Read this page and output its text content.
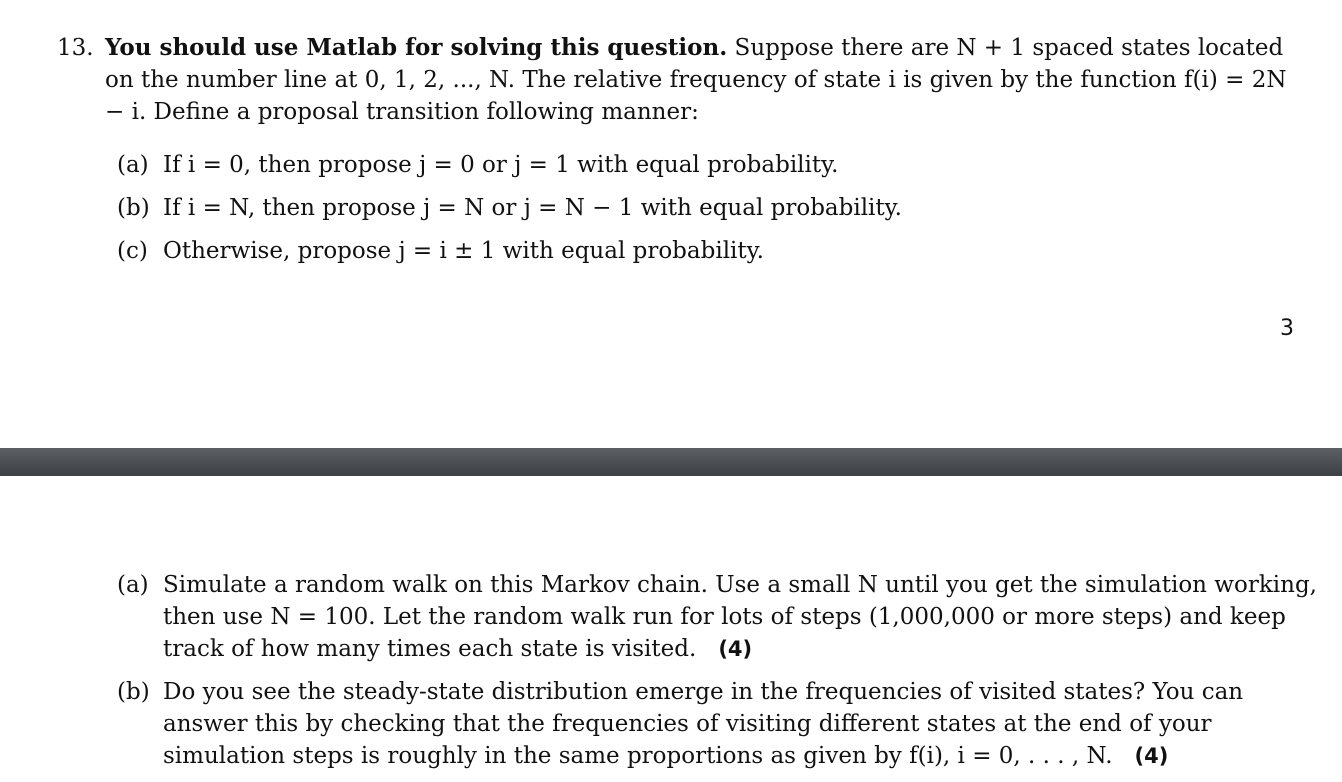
13. You should use Matlab for solving this question. Suppose there are N + 1 spaced states located on the number line at 0, 1, 2, ..., N. The relative frequency of state i is given by the function f(i) = 2N − i. Define a proposal transition following manner:
(a) If i = 0, then propose j = 0 or j = 1 with equal probability.
(b) If i = N, then propose j = N or j = N − 1 with equal probability.
(c) Otherwise, propose j = i ± 1 with equal probability.
3
(a) Simulate a random walk on this Markov chain. Use a small N until you get the simulation working, then use N = 100. Let the random walk run for lots of steps (1,000,000 or more steps) and keep track of how many times each state is visited. (4)
(b) Do you see the steady-state distribution emerge in the frequencies of visited states? You can answer this by checking that the frequencies of visiting different states at the end of your simulation steps is roughly in the same proportions as given by f(i), i = 0, . . . , N. (4)
